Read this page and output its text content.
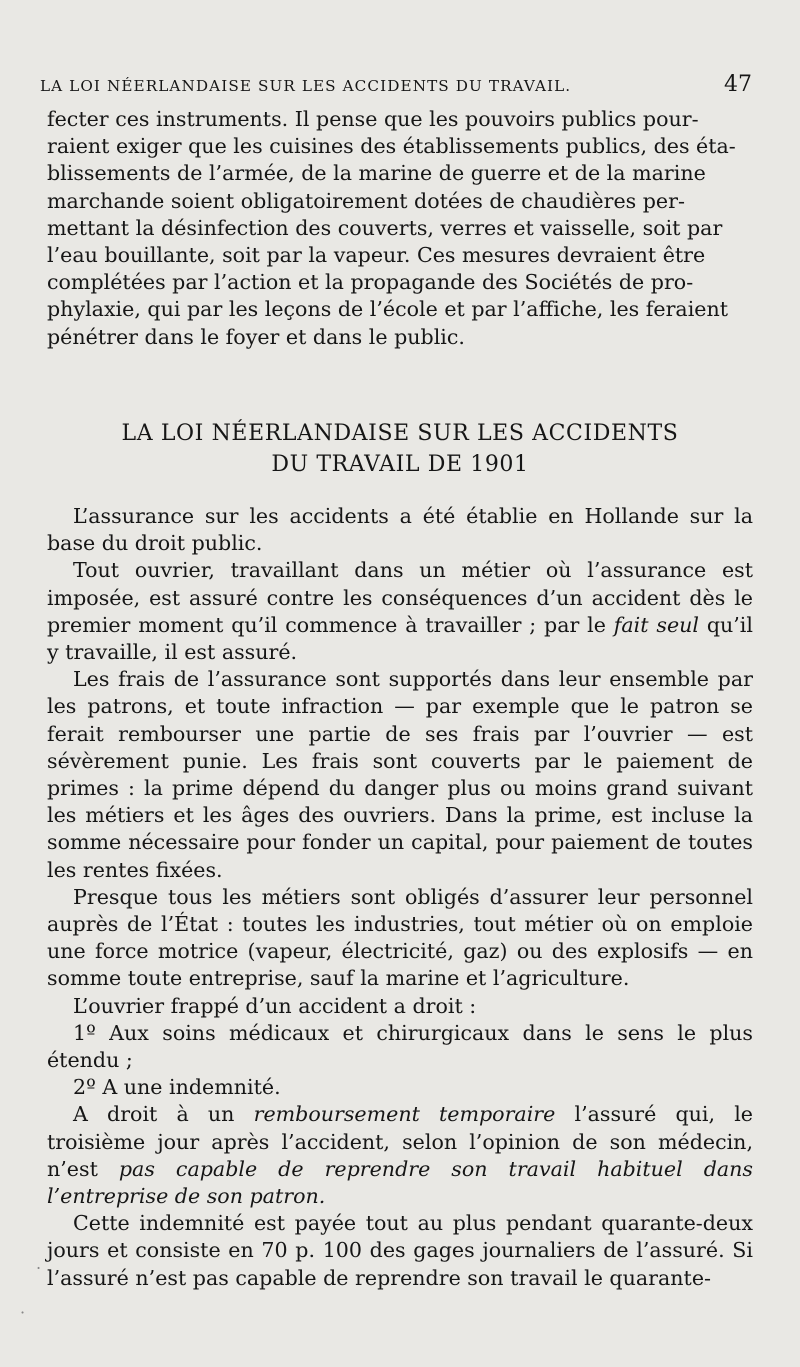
LA LOI NÉERLANDAISE SUR LES ACCIDENTS DU TRAVAIL.	47
fecter ces instruments. Il pense que les pouvoirs publics pour-
raient exiger que les cuisines des établissements publics, des éta-
blissements de l’armée, de la marine de guerre et de la marine
marchande soient obligatoirement dotées de chaudières per-
mettant la désinfection des couverts, verres et vaisselle, soit par
l’eau bouillante, soit par la vapeur. Ces mesures devraient être
complétées par l’action et la propagande des Sociétés de pro-
phylaxie, qui par les leçons de l’école et par l’affiche, les feraient
pénétrer dans le foyer et dans le public.
LA LOI NÉERLANDAISE SUR LES ACCIDENTS
DU TRAVAIL DE 1901

L’assurance sur les accidents a été établie en Hollande sur la base du droit public.

Tout ouvrier, travaillant dans un métier où l’assurance est imposée, est assuré contre les conséquences d’un accident dès le premier moment qu’il commence à travailler ; par le fait seul qu’il y travaille, il est assuré.

Les frais de l’assurance sont supportés dans leur ensemble par les patrons, et toute infraction — par exemple que le patron se ferait rembourser une partie de ses frais par l’ouvrier — est sévèrement punie. Les frais sont couverts par le paiement de primes : la prime dépend du danger plus ou moins grand suivant les métiers et les âges des ouvriers. Dans la prime, est incluse la somme nécessaire pour fonder un capital, pour paiement de toutes les rentes fixées.

Presque tous les métiers sont obligés d’assurer leur personnel auprès de l’État : toutes les industries, tout métier où on emploie une force motrice (vapeur, électricité, gaz) ou des explosifs — en somme toute entreprise, sauf la marine et l’agriculture.

L’ouvrier frappé d’un accident a droit :

1º Aux soins médicaux et chirurgicaux dans le sens le plus étendu ;

2º A une indemnité.

A droit à un remboursement temporaire l’assuré qui, le troisième jour après l’accident, selon l’opinion de son médecin, n’est pas capable de reprendre son travail habituel dans l’entreprise de son patron.

Cette indemnité est payée tout au plus pendant quarante-deux jours et consiste en 70 p. 100 des gages journaliers de l’assuré. Si l’assuré n’est pas capable de reprendre son travail le quarante-

·
.
